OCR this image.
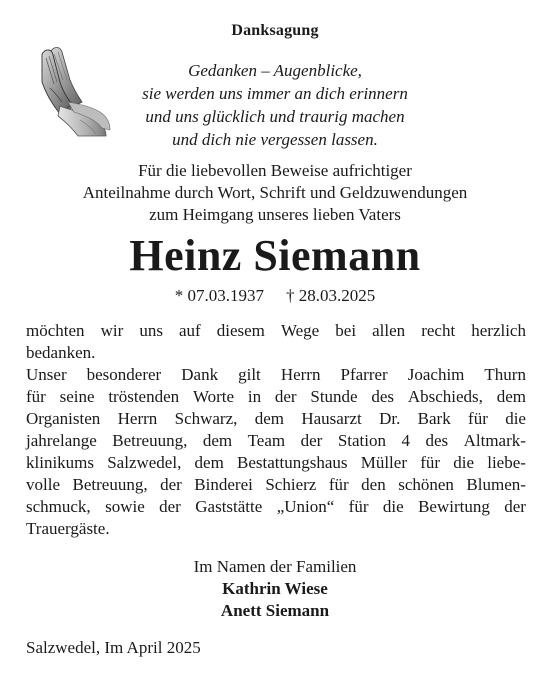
Danksagung
Gedanken – Augenblicke,
sie werden uns immer an dich erinnern
und uns glücklich und traurig machen
und dich nie vergessen lassen.
Für die liebevollen Beweise aufrichtiger
Anteilnahme durch Wort, Schrift und Geldzuwendungen
zum Heimgang unseres lieben Vaters
Heinz Siemann
* 07.03.1937 † 28.03.2025
möchten wir uns auf diesem Wege bei allen recht herzlich
bedanken.
Unser besonderer Dank gilt Herrn Pfarrer Joachim Thurn
für seine tröstenden Worte in der Stunde des Abschieds, dem
Organisten Herrn Schwarz, dem Hausarzt Dr. Bark für die
jahrelange Betreuung, dem Team der Station 4 des Altmark-
klinikums Salzwedel, dem Bestattungshaus Müller für die liebe-
volle Betreuung, der Binderei Schierz für den schönen Blumen-
schmuck, sowie der Gaststätte „Union“ für die Bewirtung der
Trauergäste.
Im Namen der Familien
Kathrin Wiese
Anett Siemann
Salzwedel, Im April 2025
